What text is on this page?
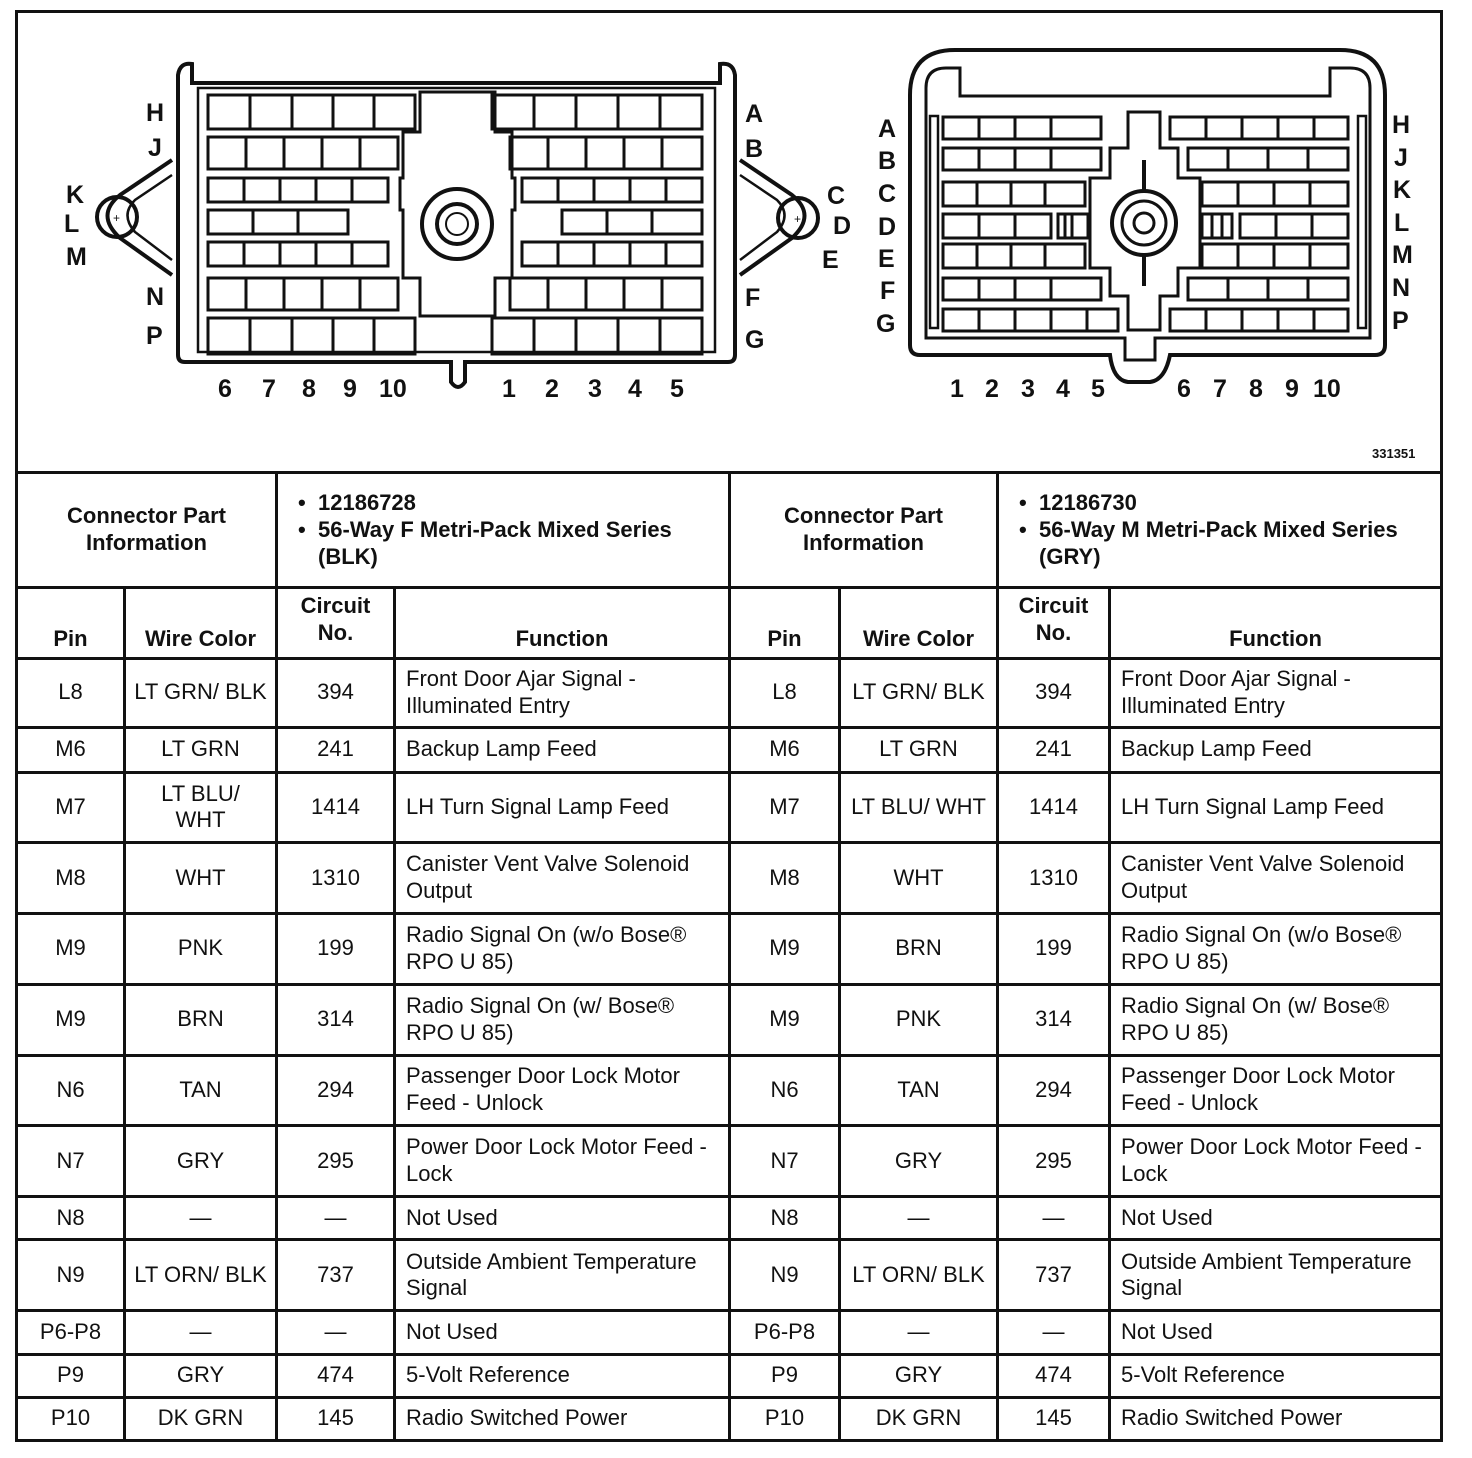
+	+
H
J
K
L
M
N
P
A
B
C
D
E
F
G
6 7 8 9 10	1 2 3 4 5
A
B
C
D
E
F
G
H
J
K
L
M
N
P
1 2 3 4 5	6 7 8 9 10
331351
Connector Part Information		• 12186728
• 56-Way F Metri-Pack Mixed Series (BLK)	

Pin	Wire Color	Circuit No.	Function
L8	LT GRN/ BLK	394	Front Door Ajar Signal - Illuminated Entry
M6	LT GRN	241	Backup Lamp Feed
M7	LT BLU/ WHT	1414	LH Turn Signal Lamp Feed
M8	WHT	1310	Canister Vent Valve Solenoid Output
M9	PNK	199	Radio Signal On (w/o Bose® RPO U 85)
M9	BRN	314	Radio Signal On (w/ Bose® RPO U 85)
N6	TAN	294	Passenger Door Lock Motor Feed - Unlock
N7	GRY	295	Power Door Lock Motor Feed - Lock
N8	—	—	Not Used
N9	LT ORN/ BLK	737	Outside Ambient Temperature Signal
P6-P8	—	—	Not Used
P9	GRY	474	5-Volt Reference
P10	DK GRN	145	Radio Switched Power
Connector Part Information		• 12186730
• 56-Way M Metri-Pack Mixed Series (GRY)	

Pin	Wire Color	Circuit No.	Function
L8	LT GRN/ BLK	394	Front Door Ajar Signal - Illuminated Entry
M6	LT GRN	241	Backup Lamp Feed
M7	LT BLU/ WHT	1414	LH Turn Signal Lamp Feed
M8	WHT	1310	Canister Vent Valve Solenoid Output
M9	BRN	199	Radio Signal On (w/o Bose® RPO U 85)
M9	PNK	314	Radio Signal On (w/ Bose® RPO U 85)
N6	TAN	294	Passenger Door Lock Motor Feed - Unlock
N7	GRY	295	Power Door Lock Motor Feed - Lock
N8	—	—	Not Used
N9	LT ORN/ BLK	737	Outside Ambient Temperature Signal
P6-P8	—	—	Not Used
P9	GRY	474	5-Volt Reference
P10	DK GRN	145	Radio Switched Power
